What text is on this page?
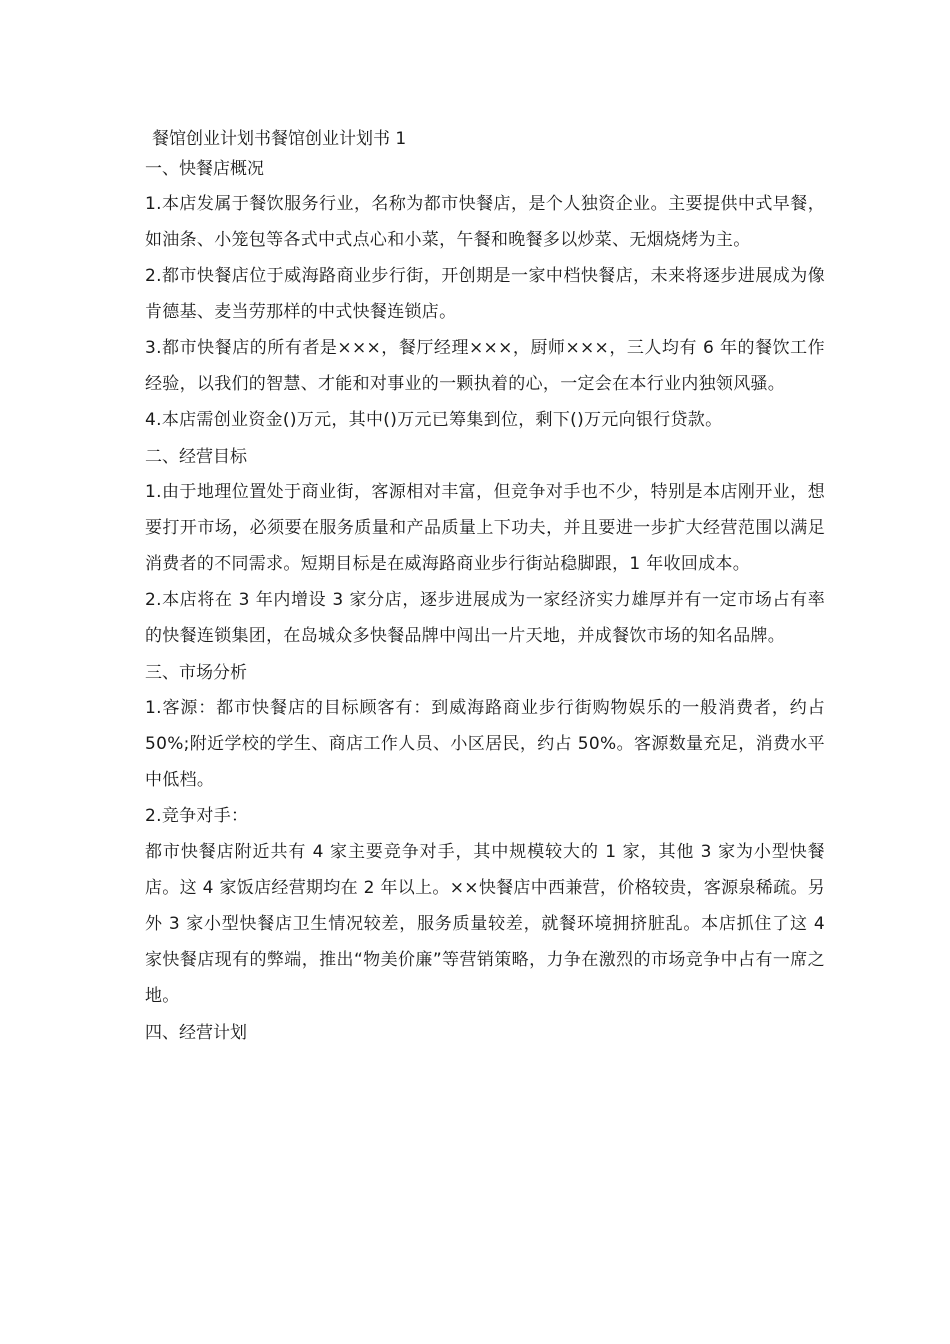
餐馆创业计划书餐馆创业计划书 1
一、快餐店概况

1.本店发属于餐饮服务行业，名称为都市快餐店，是个人独资企业。主要提供中式早餐，如油条、小笼包等各式中式点心和小菜，午餐和晚餐多以炒菜、无烟烧烤为主。

2.都市快餐店位于威海路商业步行街，开创期是一家中档快餐店，未来将逐步进展成为像肯德基、麦当劳那样的中式快餐连锁店。

3.都市快餐店的所有者是×××，餐厅经理×××，厨师×××，三人均有 6 年的餐饮工作经验，以我们的智慧、才能和对事业的一颗执着的心，一定会在本行业内独领风骚。

4.本店需创业资金()万元，其中()万元已筹集到位，剩下()万元向银行贷款。

二、经营目标

1.由于地理位置处于商业街，客源相对丰富，但竞争对手也不少，特别是本店刚开业，想要打开市场，必须要在服务质量和产品质量上下功夫，并且要进一步扩大经营范围以满足消费者的不同需求。短期目标是在威海路商业步行街站稳脚跟，1 年收回成本。

2.本店将在 3 年内增设 3 家分店，逐步进展成为一家经济实力雄厚并有一定市场占有率的快餐连锁集团，在岛城众多快餐品牌中闯出一片天地，并成餐饮市场的知名品牌。

三、市场分析

1.客源：都市快餐店的目标顾客有：到威海路商业步行街购物娱乐的一般消费者，约占 50%;附近学校的学生、商店工作人员、小区居民，约占 50%。客源数量充足，消费水平中低档。

2.竞争对手：

都市快餐店附近共有 4 家主要竞争对手，其中规模较大的 1 家，其他 3 家为小型快餐店。这 4 家饭店经营期均在 2 年以上。××快餐店中西兼营，价格较贵，客源泉稀疏。另外 3 家小型快餐店卫生情况较差，服务质量较差，就餐环境拥挤脏乱。本店抓住了这 4 家快餐店现有的弊端，推出“物美价廉”等营销策略，力争在激烈的市场竞争中占有一席之地。

四、经营计划
